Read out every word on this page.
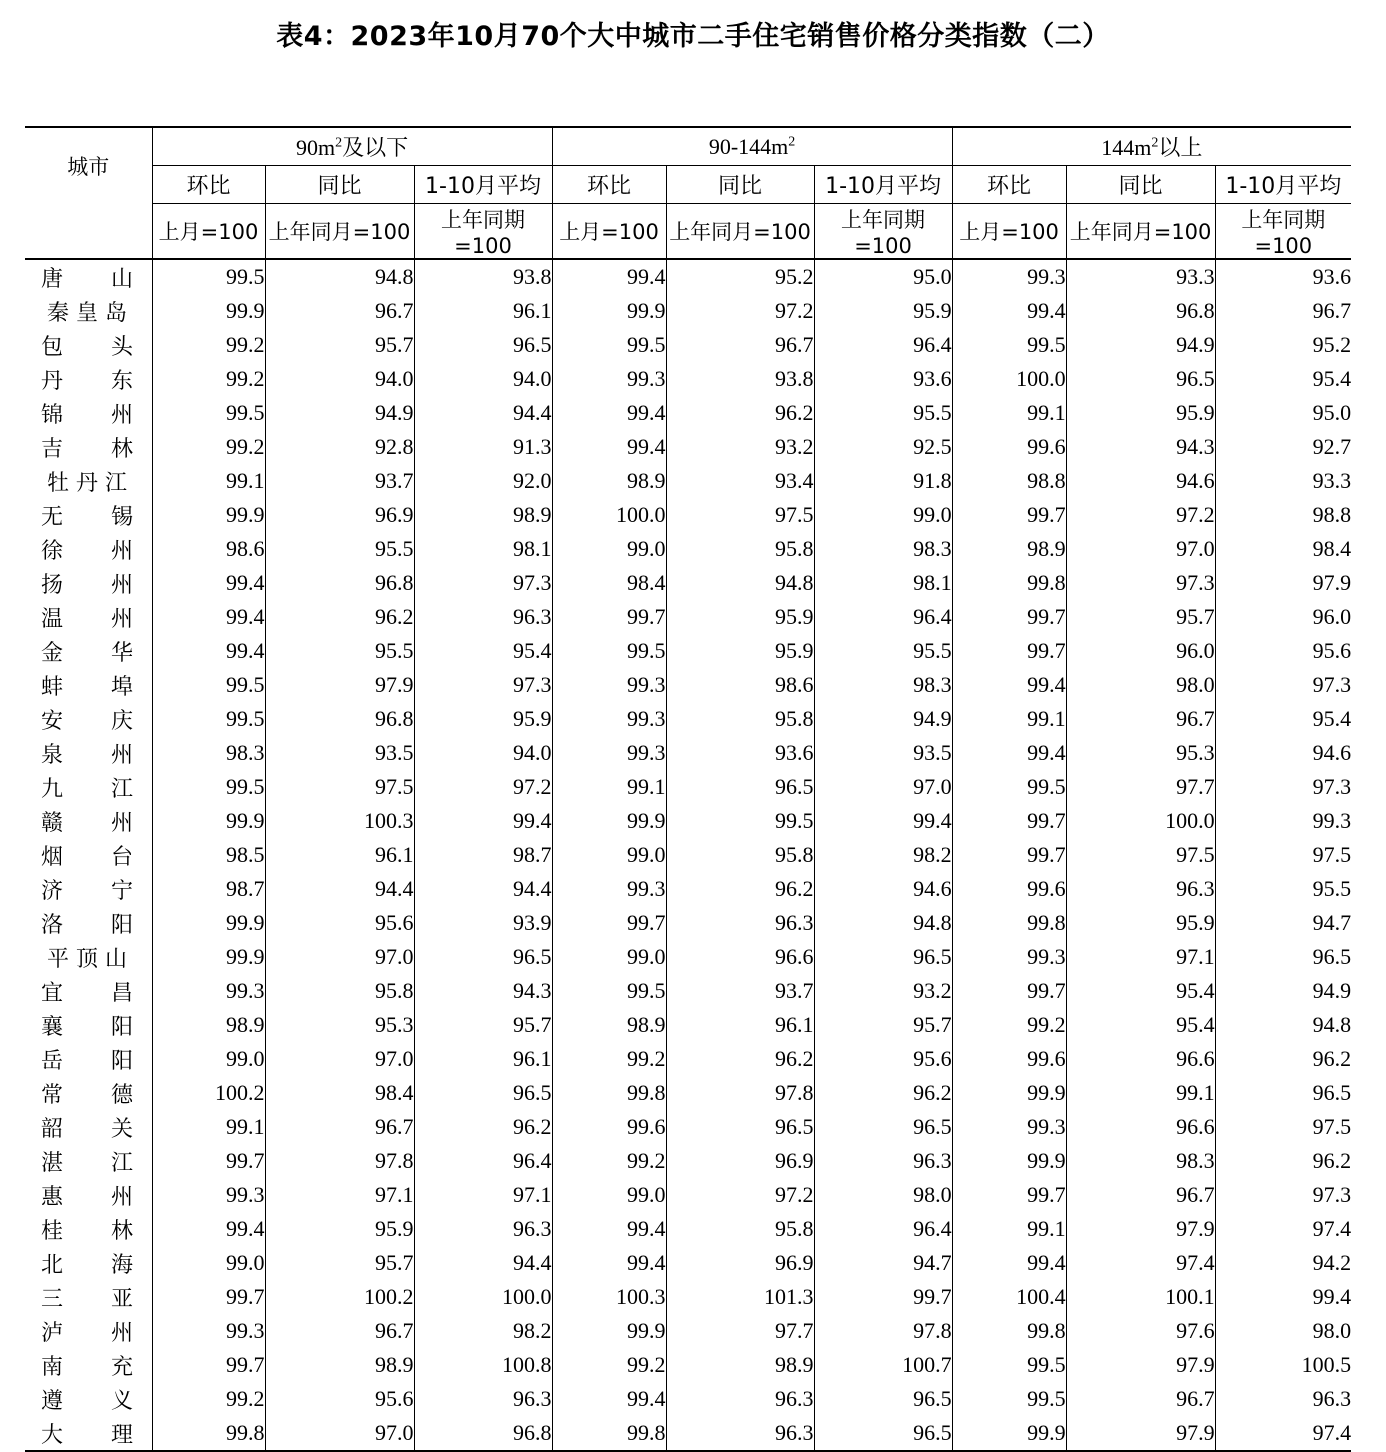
表4：2023年10月70个大中城市二手住宅销售价格分类指数（二）
城市	$90m^2$及以下			$90-144m^2$			$144m^2$以上		
	环比	同比	1-10月平均	环比	同比	1-10月平均	环比	同比	1-10月平均
	上月=100	上年同月=100	上年同期=100	上月=100	上年同月=100	上年同期=100	上月=100	上年同月=100	上年同期=100
唐山	99.5	94.8	93.8	99.4	95.2	95.0	99.3	93.3	93.6
秦皇岛	99.9	96.7	96.1	99.9	97.2	95.9	99.4	96.8	96.7
包头	99.2	95.7	96.5	99.5	96.7	96.4	99.5	94.9	95.2
丹东	99.2	94.0	94.0	99.3	93.8	93.6	100.0	96.5	95.4
锦州	99.5	94.9	94.4	99.4	96.2	95.5	99.1	95.9	95.0
吉林	99.2	92.8	91.3	99.4	93.2	92.5	99.6	94.3	92.7
牡丹江	99.1	93.7	92.0	98.9	93.4	91.8	98.8	94.6	93.3
无锡	99.9	96.9	98.9	100.0	97.5	99.0	99.7	97.2	98.8
徐州	98.6	95.5	98.1	99.0	95.8	98.3	98.9	97.0	98.4
扬州	99.4	96.8	97.3	98.4	94.8	98.1	99.8	97.3	97.9
温州	99.4	96.2	96.3	99.7	95.9	96.4	99.7	95.7	96.0
金华	99.4	95.5	95.4	99.5	95.9	95.5	99.7	96.0	95.6
蚌埠	99.5	97.9	97.3	99.3	98.6	98.3	99.4	98.0	97.3
安庆	99.5	96.8	95.9	99.3	95.8	94.9	99.1	96.7	95.4
泉州	98.3	93.5	94.0	99.3	93.6	93.5	99.4	95.3	94.6
九江	99.5	97.5	97.2	99.1	96.5	97.0	99.5	97.7	97.3
赣州	99.9	100.3	99.4	99.9	99.5	99.4	99.7	100.0	99.3
烟台	98.5	96.1	98.7	99.0	95.8	98.2	99.7	97.5	97.5
济宁	98.7	94.4	94.4	99.3	96.2	94.6	99.6	96.3	95.5
洛阳	99.9	95.6	93.9	99.7	96.3	94.8	99.8	95.9	94.7
平顶山	99.9	97.0	96.5	99.0	96.6	96.5	99.3	97.1	96.5
宜昌	99.3	95.8	94.3	99.5	93.7	93.2	99.7	95.4	94.9
襄阳	98.9	95.3	95.7	98.9	96.1	95.7	99.2	95.4	94.8
岳阳	99.0	97.0	96.1	99.2	96.2	95.6	99.6	96.6	96.2
常德	100.2	98.4	96.5	99.8	97.8	96.2	99.9	99.1	96.5
韶关	99.1	96.7	96.2	99.6	96.5	96.5	99.3	96.6	97.5
湛江	99.7	97.8	96.4	99.2	96.9	96.3	99.9	98.3	96.2
惠州	99.3	97.1	97.1	99.0	97.2	98.0	99.7	96.7	97.3
桂林	99.4	95.9	96.3	99.4	95.8	96.4	99.1	97.9	97.4
北海	99.0	95.7	94.4	99.4	96.9	94.7	99.4	97.4	94.2
三亚	99.7	100.2	100.0	100.3	101.3	99.7	100.4	100.1	99.4
泸州	99.3	96.7	98.2	99.9	97.7	97.8	99.8	97.6	98.0
南充	99.7	98.9	100.8	99.2	98.9	100.7	99.5	97.9	100.5
遵义	99.2	95.6	96.3	99.4	96.3	96.5	99.5	96.7	96.3
大理	99.8	97.0	96.8	99.8	96.3	96.5	99.9	97.9	97.4
